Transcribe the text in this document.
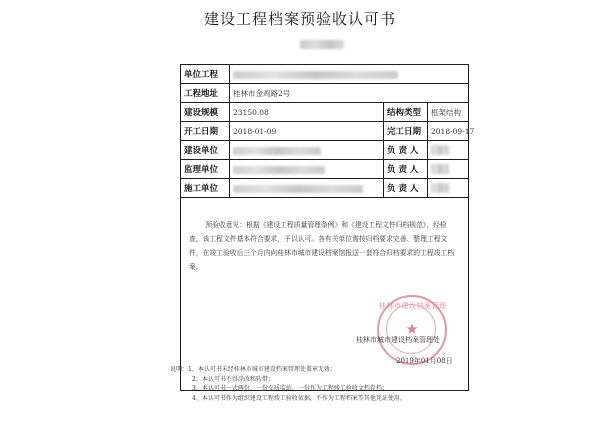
建设工程档案预验收认可书
单位工程			
工程地址	桂林市金鸡路2号		
建设规模	23150.08	结构类型	框架结构
开工日期	2018-01-09	完工日期	2018-09-17
建设单位		负 责 人	
监理单位		负 责 人	
施工单位		负 责 人	

预验收意见：根据《建设工程质量管理条例》和《建设工程文件归档规范》，经检查，该工程文件基本符合要求，予以认可。各有关单位需按归档要求完善、整理工程文件，在竣工验收后三个月内向桂林市城市建设档案馆报送一套符合归档要求的工程竣工档案。
桂林市建设档案管理
★
桂林市城市建设档案管理处
2019年01月08日			
说明：1、本认可书未经桂林市城市建设档案管理处盖章无效；
2、本认可书不得涂改和转借；
3、本认可书一式两份，一份交质监站，一份作为工程竣工验收文档存档；
4、本认可书作为组织建设工程竣工验收依据，不作为工程档案等其他凭证使用。
